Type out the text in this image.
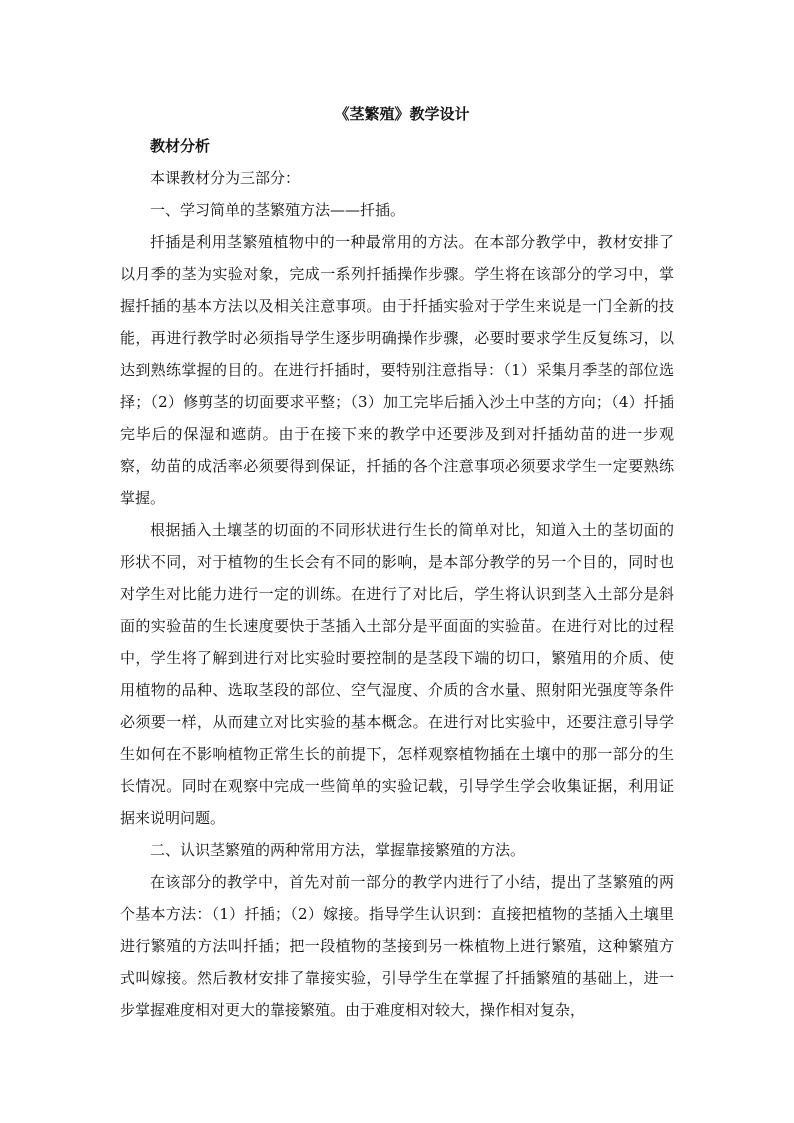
《茎繁殖》教学设计

教材分析

本课教材分为三部分：

一、学习简单的茎繁殖方法——扦插。

扦插是利用茎繁殖植物中的一种最常用的方法。在本部分教学中，教材安排了以月季的茎为实验对象，完成一系列扦插操作步骤。学生将在该部分的学习中，掌握扦插的基本方法以及相关注意事项。由于扦插实验对于学生来说是一门全新的技能，再进行教学时必须指导学生逐步明确操作步骤，必要时要求学生反复练习，以达到熟练掌握的目的。在进行扦插时，要特别注意指导：（1）采集月季茎的部位选择；（2）修剪茎的切面要求平整；（3）加工完毕后插入沙土中茎的方向；（4）扦插完毕后的保湿和遮荫。由于在接下来的教学中还要涉及到对扦插幼苗的进一步观察，幼苗的成活率必须要得到保证，扦插的各个注意事项必须要求学生一定要熟练掌握。

根据插入土壤茎的切面的不同形状进行生长的简单对比，知道入土的茎切面的形状不同，对于植物的生长会有不同的影响，是本部分教学的另一个目的，同时也对学生对比能力进行一定的训练。在进行了对比后，学生将认识到茎入土部分是斜面的实验苗的生长速度要快于茎插入土部分是平面面的实验苗。在进行对比的过程中，学生将了解到进行对比实验时要控制的是茎段下端的切口，繁殖用的介质、使用植物的品种、选取茎段的部位、空气湿度、介质的含水量、照射阳光强度等条件必须要一样，从而建立对比实验的基本概念。在进行对比实验中，还要注意引导学生如何在不影响植物正常生长的前提下，怎样观察植物插在土壤中的那一部分的生长情况。同时在观察中完成一些简单的实验记载，引导学生学会收集证据，利用证据来说明问题。

二、认识茎繁殖的两种常用方法，掌握靠接繁殖的方法。

在该部分的教学中，首先对前一部分的教学内进行了小结，提出了茎繁殖的两个基本方法：（1）扦插；（2）嫁接。指导学生认识到：直接把植物的茎插入土壤里进行繁殖的方法叫扦插；把一段植物的茎接到另一株植物上进行繁殖，这种繁殖方式叫嫁接。然后教材安排了靠接实验，引导学生在掌握了扦插繁殖的基础上，进一步掌握难度相对更大的靠接繁殖。由于难度相对较大，操作相对复杂，
